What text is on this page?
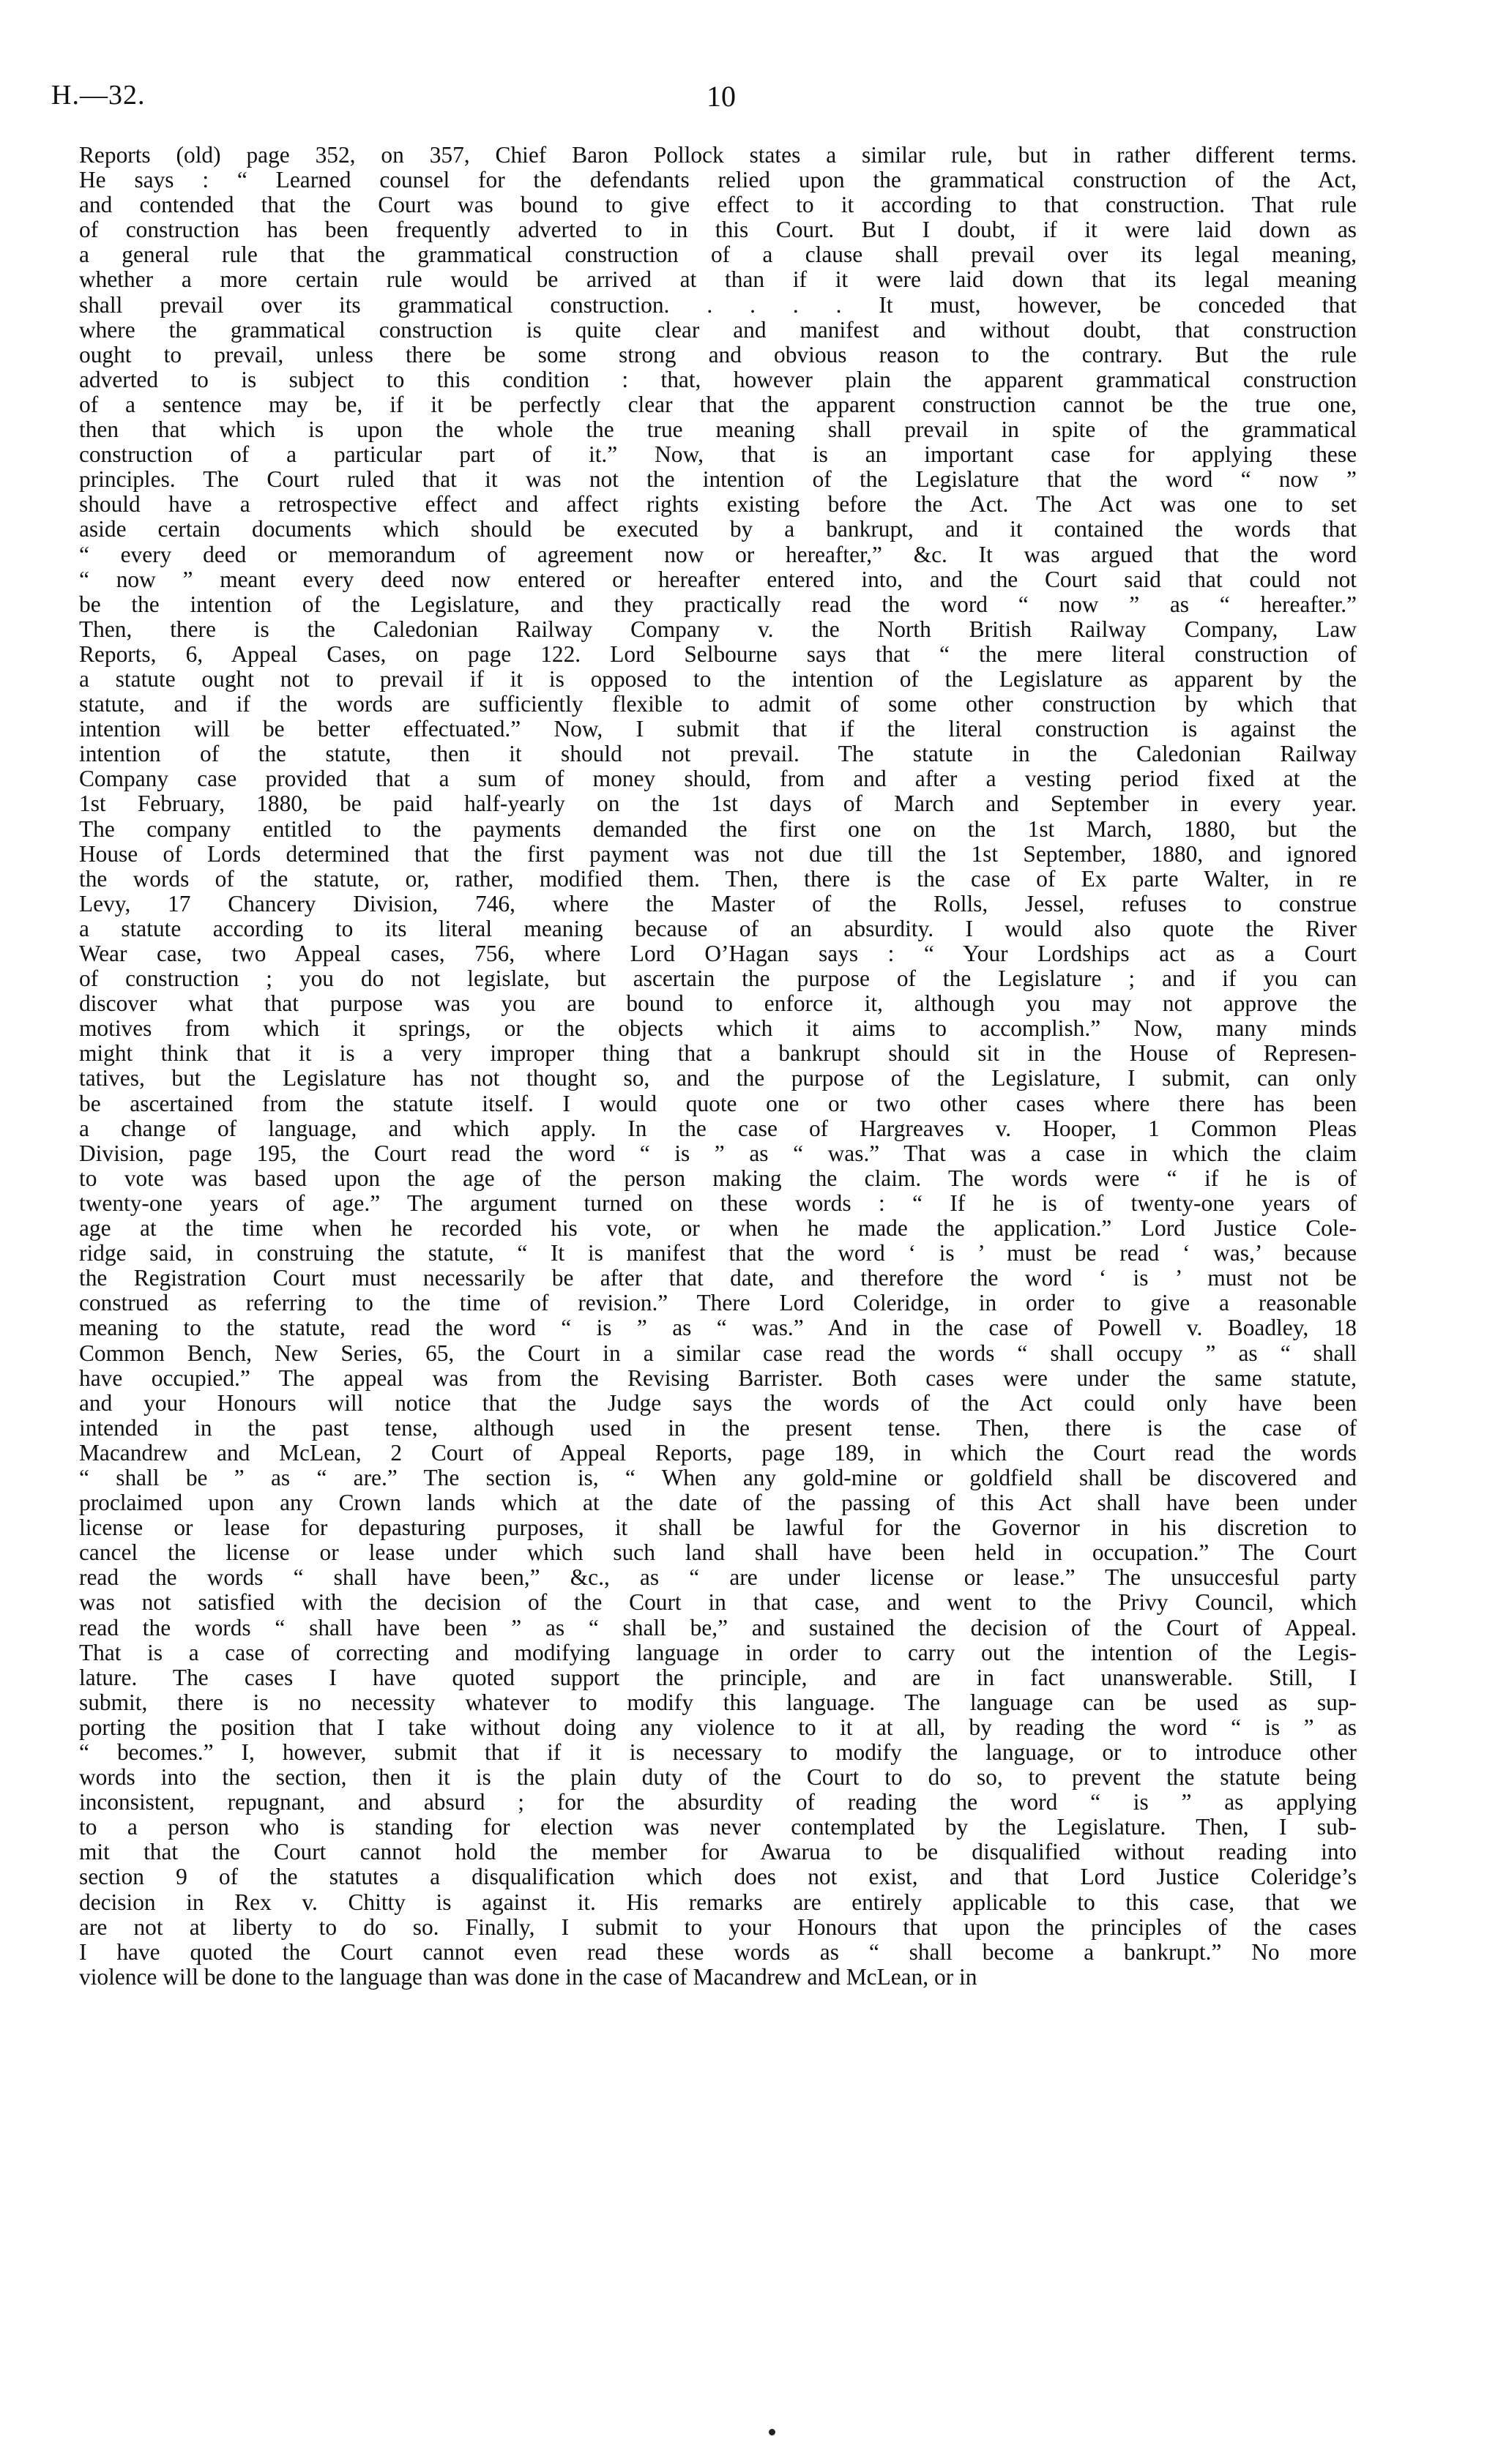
H.—32.	10
Reports (old) page 352, on 357, Chief Baron Pollock states a similar rule, but in rather different terms.
He says : “ Learned counsel for the defendants relied upon the grammatical construction of the Act,
and contended that the Court was bound to give effect to it according to that construction. That rule
of construction has been frequently adverted to in this Court. But I doubt, if it were laid down as
a general rule that the grammatical construction of a clause shall prevail over its legal meaning,
whether a more certain rule would be arrived at than if it were laid down that its legal meaning
shall prevail over its grammatical construction. . . . . It must, however, be conceded that
where the grammatical construction is quite clear and manifest and without doubt, that construction
ought to prevail, unless there be some strong and obvious reason to the contrary. But the rule
adverted to is subject to this condition : that, however plain the apparent grammatical construction
of a sentence may be, if it be perfectly clear that the apparent construction cannot be the true one,
then that which is upon the whole the true meaning shall prevail in spite of the grammatical
construction of a particular part of it.” Now, that is an important case for applying these
principles. The Court ruled that it was not the intention of the Legislature that the word “ now ”
should have a retrospective effect and affect rights existing before the Act. The Act was one to set
aside certain documents which should be executed by a bankrupt, and it contained the words that
“ every deed or memorandum of agreement now or hereafter,” &c. It was argued that the word
“ now ” meant every deed now entered or hereafter entered into, and the Court said that could not
be the intention of the Legislature, and they practically read the word “ now ” as “ hereafter.”
Then, there is the Caledonian Railway Company v. the North British Railway Company, Law
Reports, 6, Appeal Cases, on page 122. Lord Selbourne says that “ the mere literal construction of
a statute ought not to prevail if it is opposed to the intention of the Legislature as apparent by the
statute, and if the words are sufficiently flexible to admit of some other construction by which that
intention will be better effectuated.” Now, I submit that if the literal construction is against the
intention of the statute, then it should not prevail. The statute in the Caledonian Railway
Company case provided that a sum of money should, from and after a vesting period fixed at the
1st February, 1880, be paid half-yearly on the 1st days of March and September in every year.
The company entitled to the payments demanded the first one on the 1st March, 1880, but the
House of Lords determined that the first payment was not due till the 1st September, 1880, and ignored
the words of the statute, or, rather, modified them. Then, there is the case of Ex parte Walter, in re
Levy, 17 Chancery Division, 746, where the Master of the Rolls, Jessel, refuses to construe
a statute according to its literal meaning because of an absurdity. I would also quote the River
Wear case, two Appeal cases, 756, where Lord O’Hagan says : “ Your Lordships act as a Court
of construction ; you do not legislate, but ascertain the purpose of the Legislature ; and if you can
discover what that purpose was you are bound to enforce it, although you may not approve the
motives from which it springs, or the objects which it aims to accomplish.” Now, many minds
might think that it is a very improper thing that a bankrupt should sit in the House of Represen-
tatives, but the Legislature has not thought so, and the purpose of the Legislature, I submit, can only
be ascertained from the statute itself. I would quote one or two other cases where there has been
a change of language, and which apply. In the case of Hargreaves v. Hooper, 1 Common Pleas
Division, page 195, the Court read the word “ is ” as “ was.” That was a case in which the claim
to vote was based upon the age of the person making the claim. The words were “ if he is of
twenty-one years of age.” The argument turned on these words : “ If he is of twenty-one years of
age at the time when he recorded his vote, or when he made the application.” Lord Justice Cole-
ridge said, in construing the statute, “ It is manifest that the word ‘ is ’ must be read ‘ was,’ because
the Registration Court must necessarily be after that date, and therefore the word ‘ is ’ must not be
construed as referring to the time of revision.” There Lord Coleridge, in order to give a reasonable
meaning to the statute, read the word “ is ” as “ was.” And in the case of Powell v. Boadley, 18
Common Bench, New Series, 65, the Court in a similar case read the words “ shall occupy ” as “ shall
have occupied.” The appeal was from the Revising Barrister. Both cases were under the same statute,
and your Honours will notice that the Judge says the words of the Act could only have been
intended in the past tense, although used in the present tense. Then, there is the case of
Macandrew and McLean, 2 Court of Appeal Reports, page 189, in which the Court read the words
“ shall be ” as “ are.” The section is, “ When any gold-mine or goldfield shall be discovered and
proclaimed upon any Crown lands which at the date of the passing of this Act shall have been under
license or lease for depasturing purposes, it shall be lawful for the Governor in his discretion to
cancel the license or lease under which such land shall have been held in occupation.” The Court
read the words “ shall have been,” &c., as “ are under license or lease.” The unsuccesful party
was not satisfied with the decision of the Court in that case, and went to the Privy Council, which
read the words “ shall have been ” as “ shall be,” and sustained the decision of the Court of Appeal.
That is a case of correcting and modifying language in order to carry out the intention of the Legis-
lature. The cases I have quoted support the principle, and are in fact unanswerable. Still, I
submit, there is no necessity whatever to modify this language. The language can be used as sup-
porting the position that I take without doing any violence to it at all, by reading the word “ is ” as
“ becomes.” I, however, submit that if it is necessary to modify the language, or to introduce other
words into the section, then it is the plain duty of the Court to do so, to prevent the statute being
inconsistent, repugnant, and absurd ; for the absurdity of reading the word “ is ” as applying
to a person who is standing for election was never contemplated by the Legislature. Then, I sub-
mit that the Court cannot hold the member for Awarua to be disqualified without reading into
section 9 of the statutes a disqualification which does not exist, and that Lord Justice Coleridge’s
decision in Rex v. Chitty is against it. His remarks are entirely applicable to this case, that we
are not at liberty to do so. Finally, I submit to your Honours that upon the principles of the cases
I have quoted the Court cannot even read these words as “ shall become a bankrupt.” No more
violence will be done to the language than was done in the case of Macandrew and McLean, or in
